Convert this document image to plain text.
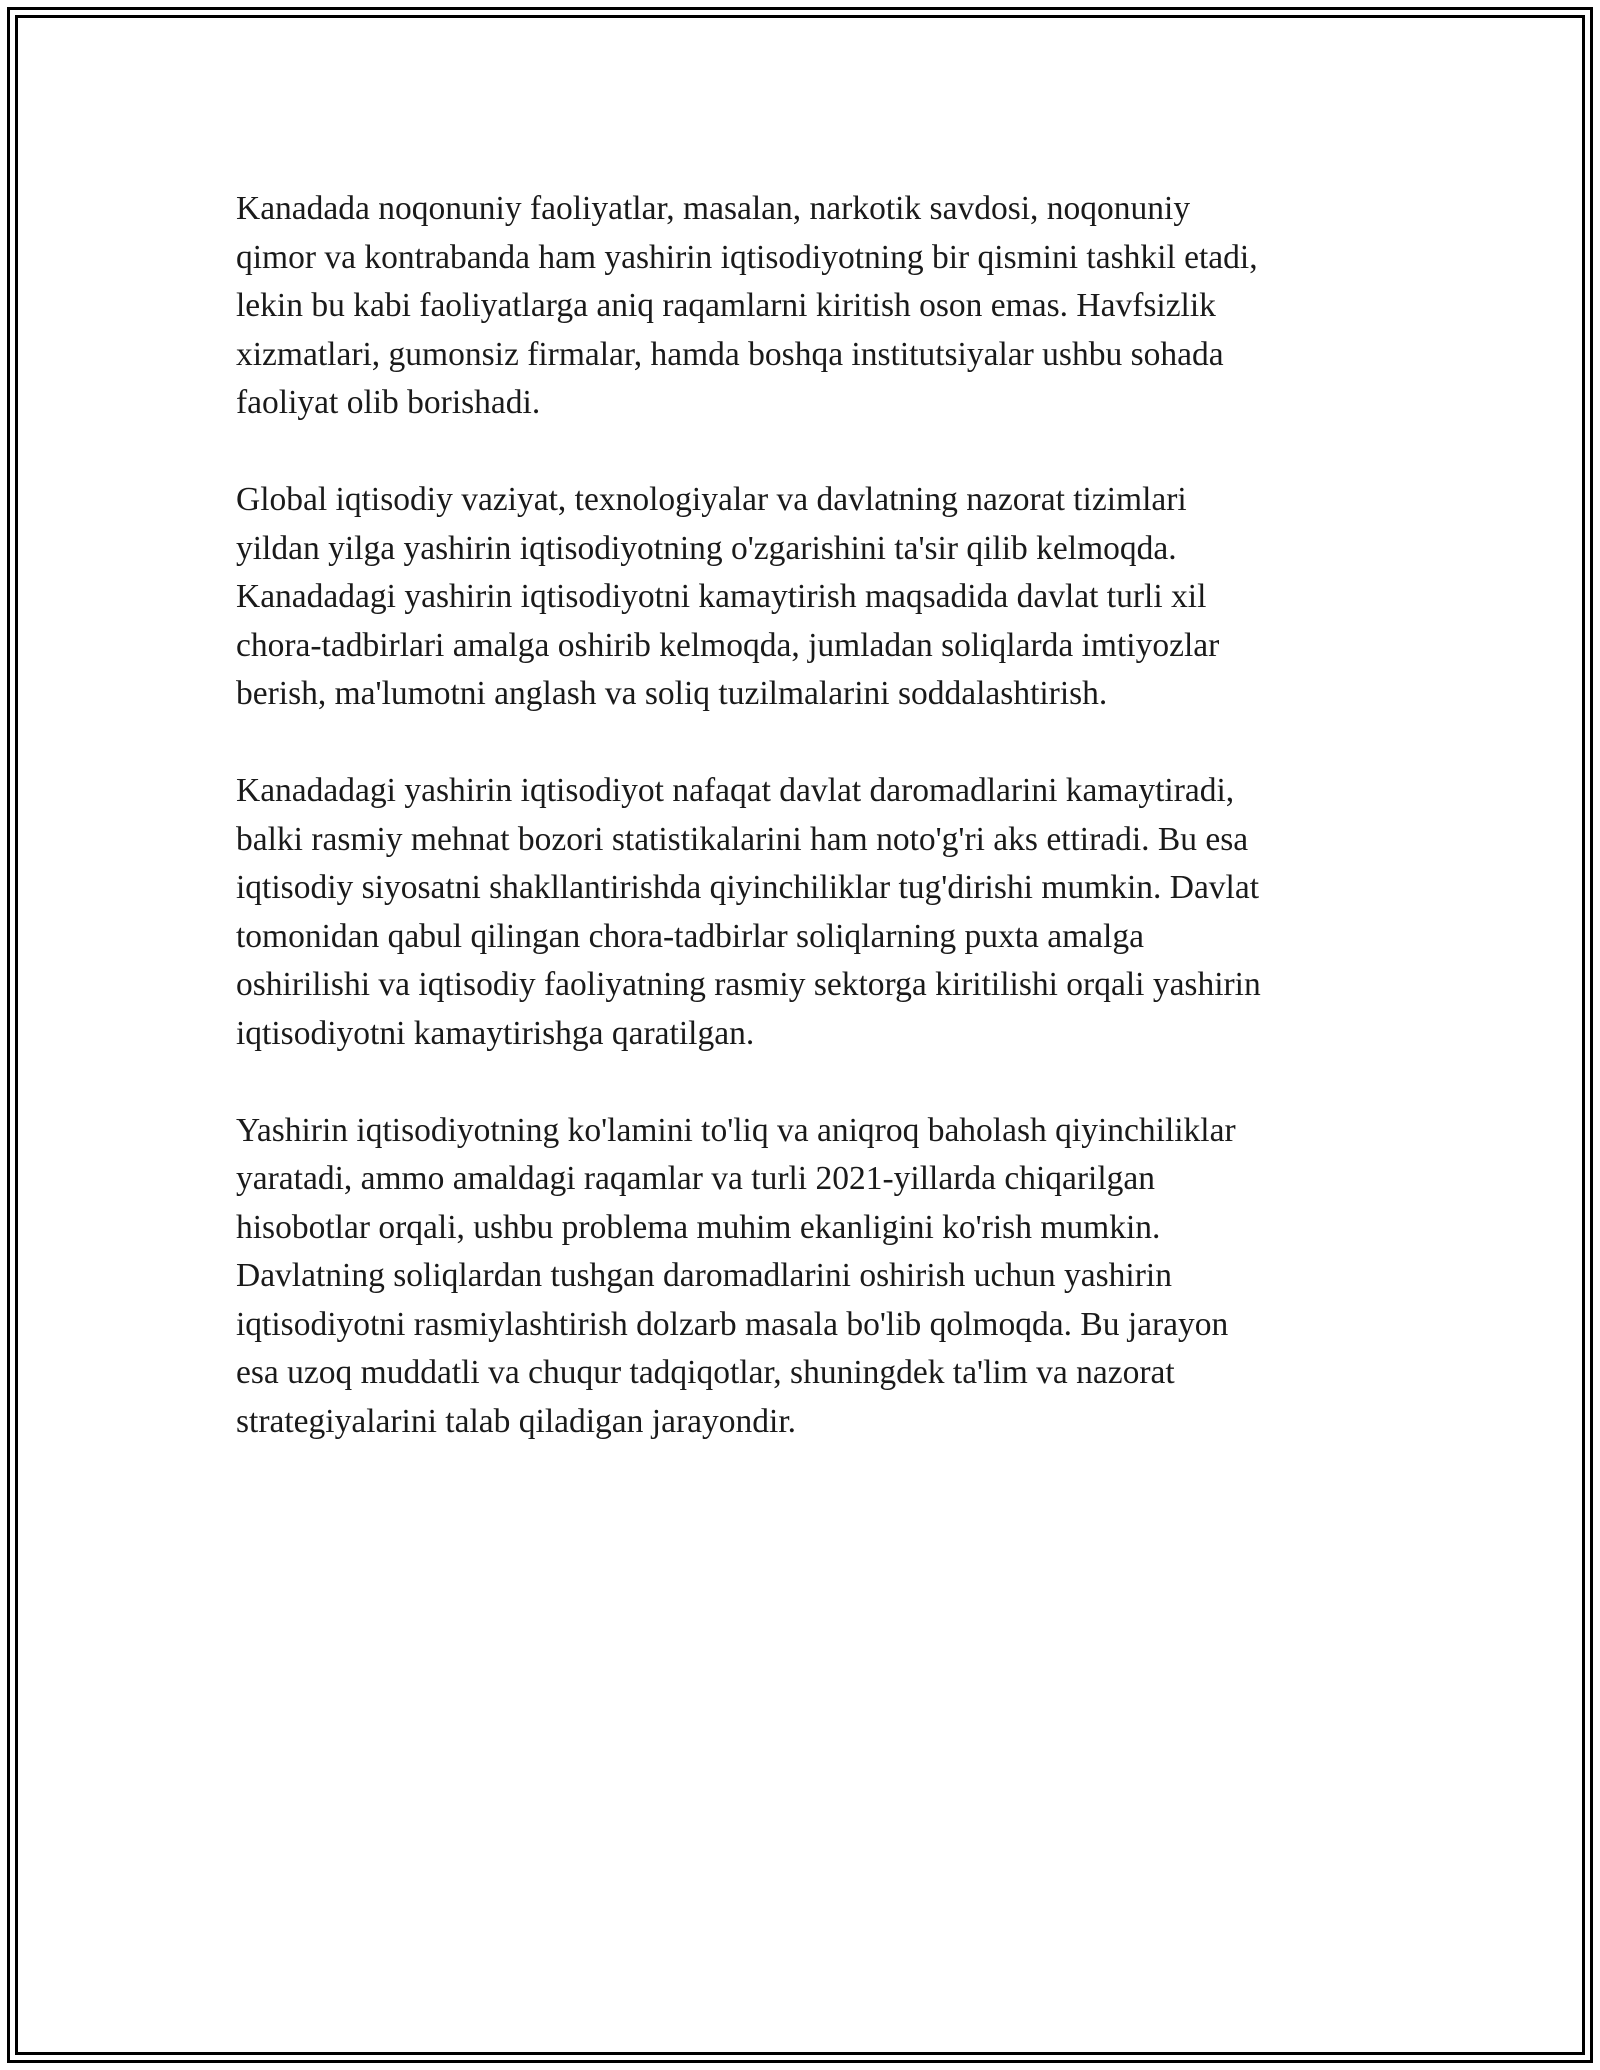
Kanadada noqonuniy faoliyatlar, masalan, narkotik savdosi, noqonuniy
qimor va kontrabanda ham yashirin iqtisodiyotning bir qismini tashkil etadi,
lekin bu kabi faoliyatlarga aniq raqamlarni kiritish oson emas. Havfsizlik
xizmatlari, gumonsiz firmalar, hamda boshqa institutsiyalar ushbu sohada
faoliyat olib borishadi.

Global iqtisodiy vaziyat, texnologiyalar va davlatning nazorat tizimlari
yildan yilga yashirin iqtisodiyotning o'zgarishini ta'sir qilib kelmoqda.
Kanadadagi yashirin iqtisodiyotni kamaytirish maqsadida davlat turli xil
chora-tadbirlari amalga oshirib kelmoqda, jumladan soliqlarda imtiyozlar
berish, ma'lumotni anglash va soliq tuzilmalarini soddalashtirish.

Kanadadagi yashirin iqtisodiyot nafaqat davlat daromadlarini kamaytiradi,
balki rasmiy mehnat bozori statistikalarini ham noto'g'ri aks ettiradi. Bu esa
iqtisodiy siyosatni shakllantirishda qiyinchiliklar tug'dirishi mumkin. Davlat
tomonidan qabul qilingan chora-tadbirlar soliqlarning puxta amalga
oshirilishi va iqtisodiy faoliyatning rasmiy sektorga kiritilishi orqali yashirin
iqtisodiyotni kamaytirishga qaratilgan.

Yashirin iqtisodiyotning ko'lamini to'liq va aniqroq baholash qiyinchiliklar
yaratadi, ammo amaldagi raqamlar va turli 2021-yillarda chiqarilgan
hisobotlar orqali, ushbu problema muhim ekanligini ko'rish mumkin.
Davlatning soliqlardan tushgan daromadlarini oshirish uchun yashirin
iqtisodiyotni rasmiylashtirish dolzarb masala bo'lib qolmoqda. Bu jarayon
esa uzoq muddatli va chuqur tadqiqotlar, shuningdek ta'lim va nazorat
strategiyalarini talab qiladigan jarayondir.
